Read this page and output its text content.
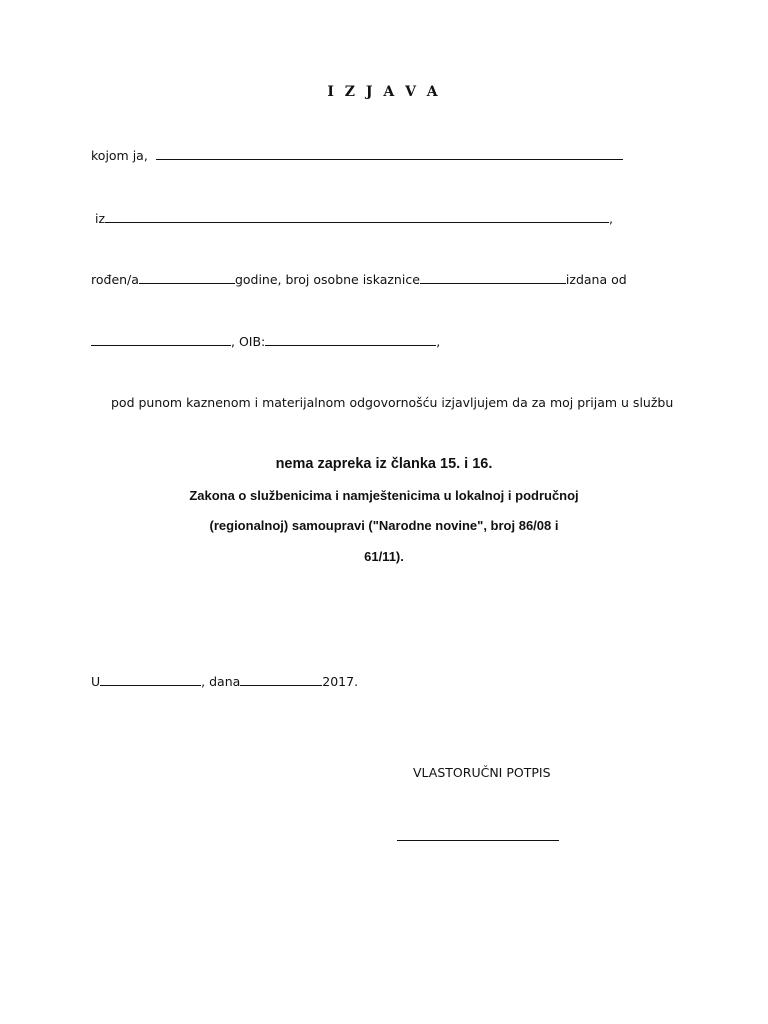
I Z J A V A
kojom ja,
iz	,
rođen/a	godine, broj osobne iskaznice	izdana od
, OIB:	,
pod punom kaznenom i materijalnom odgovornošću izjavljujem da za moj prijam u službu
nema zapreka iz članka 15. i 16.
Zakona o službenicima i namještenicima u lokalnoj i područnoj
(regionalnoj) samoupravi ("Narodne novine", broj 86/08 i
61/11).
U	, dana	2017.
VLASTORUČNI POTPIS
